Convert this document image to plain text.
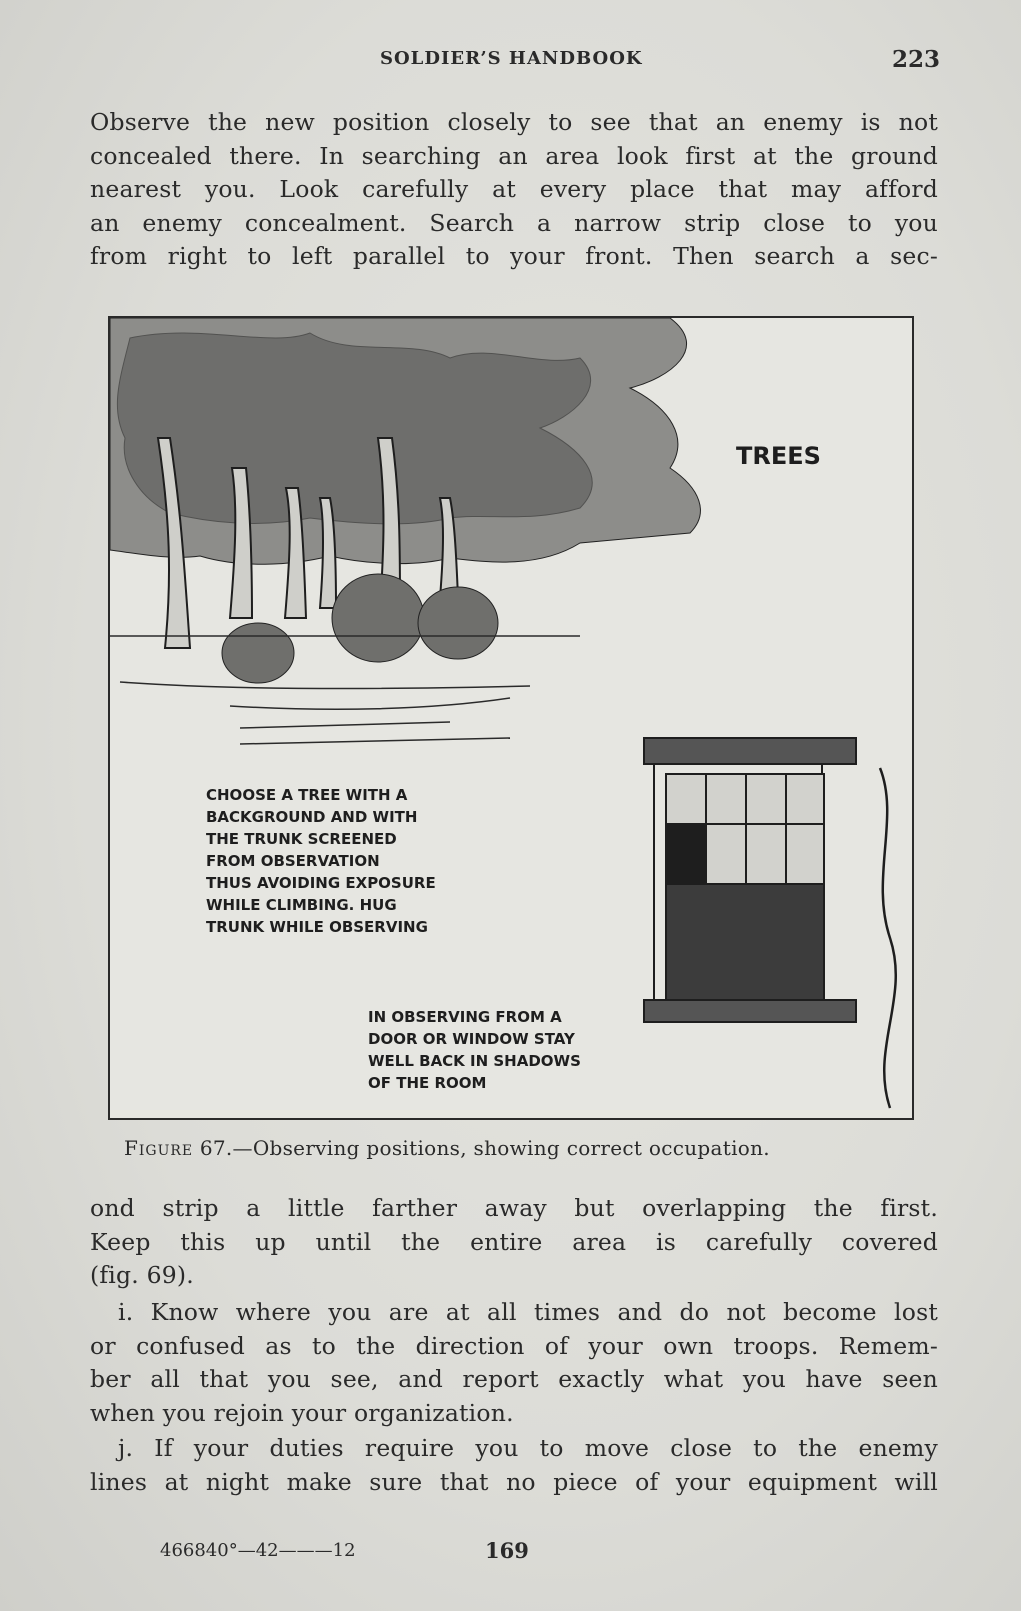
SOLDIER’S HANDBOOK	223
Observe the new position closely to see that an enemy is not
concealed there. In searching an area look first at the ground
nearest you. Look carefully at every place that may afford
an enemy concealment. Search a narrow strip close to you
from right to left parallel to your front. Then search a sec-
TREES
CHOOSE A TREE WITH A
BACKGROUND AND WITH
THE TRUNK SCREENED
FROM OBSERVATION
THUS AVOIDING EXPOSURE
WHILE CLIMBING. HUG
TRUNK WHILE OBSERVING
IN OBSERVING FROM A
DOOR OR WINDOW STAY
WELL BACK IN SHADOWS
OF THE ROOM
Figure 67.—Observing positions, showing correct occupation.
ond strip a little farther away but overlapping the first.
Keep this up until the entire area is carefully covered
(fig. 69).
i. Know where you are at all times and do not become lost
or confused as to the direction of your own troops. Remem-
ber all that you see, and report exactly what you have seen
when you rejoin your organization.
j. If your duties require you to move close to the enemy
lines at night make sure that no piece of your equipment will
466840°—42———12	169
